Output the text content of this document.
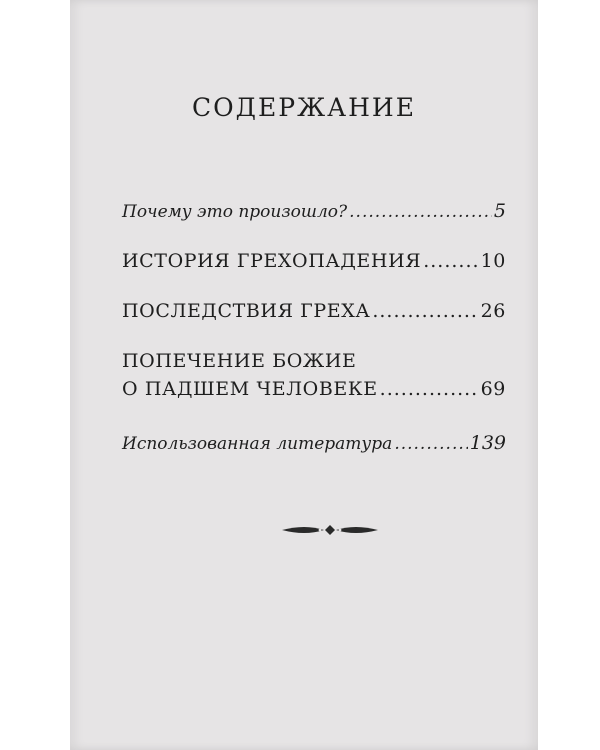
СОДЕРЖАНИЕ
Почему это произошло? .....	5
ИСТОРИЯ ГРЕХОПАДЕНИЯ .....	10
ПОСЛЕДСТВИЯ ГРЕХА .....	26
ПОПЕЧЕНИЕ БОЖИЕ
О ПАДШЕМ ЧЕЛОВЕКЕ .....	69
Использованная литература .....	139
